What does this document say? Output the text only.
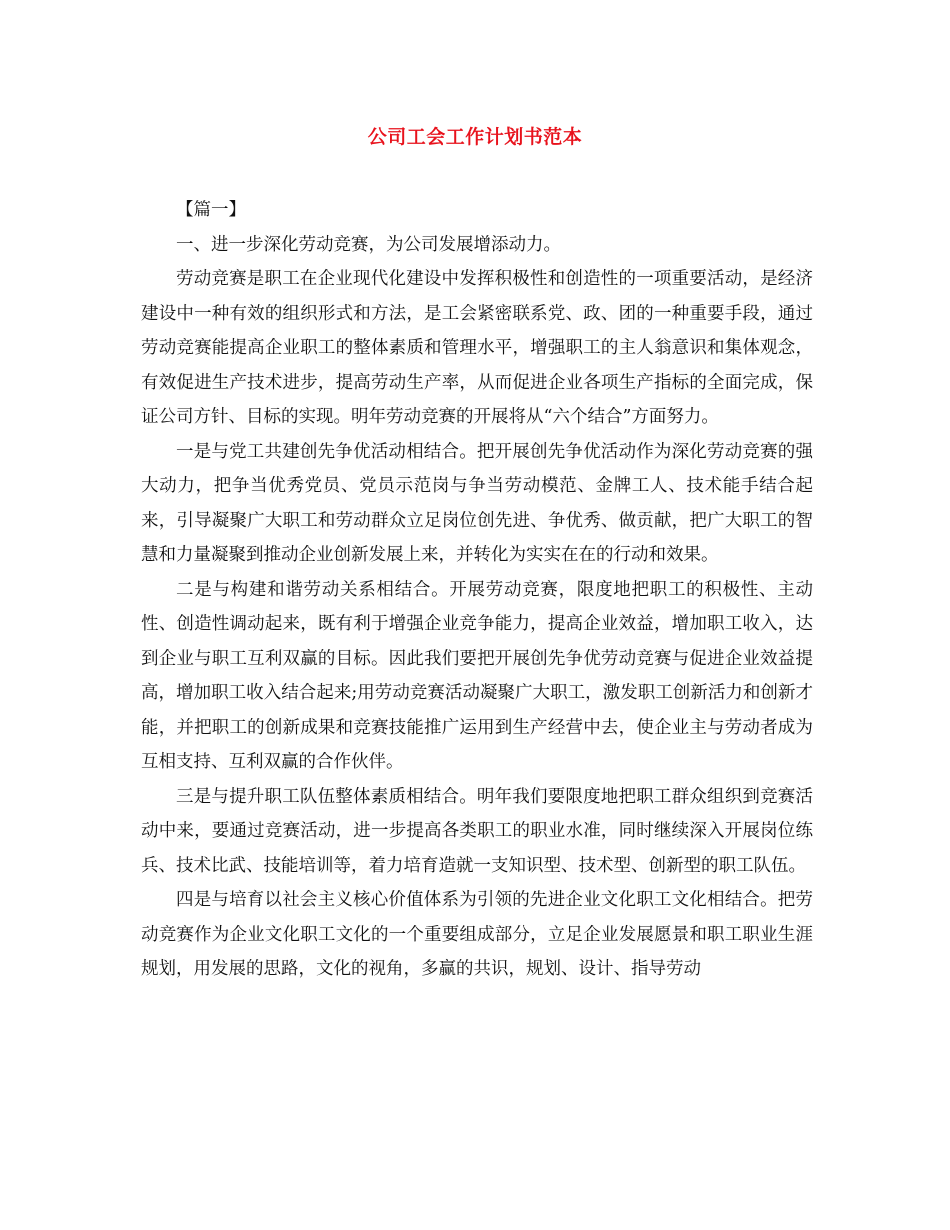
公司工会工作计划书范本

【篇一】

一、进一步深化劳动竞赛，为公司发展增添动力。

劳动竞赛是职工在企业现代化建设中发挥积极性和创造性的一项重要活动，是经济建设中一种有效的组织形式和方法，是工会紧密联系党、政、团的一种重要手段，通过劳动竞赛能提高企业职工的整体素质和管理水平，增强职工的主人翁意识和集体观念，有效促进生产技术进步，提高劳动生产率，从而促进企业各项生产指标的全面完成，保证公司方针、目标的实现。明年劳动竞赛的开展将从“六个结合”方面努力。

一是与党工共建创先争优活动相结合。把开展创先争优活动作为深化劳动竞赛的强大动力，把争当优秀党员、党员示范岗与争当劳动模范、金牌工人、技术能手结合起来，引导凝聚广大职工和劳动群众立足岗位创先进、争优秀、做贡献，把广大职工的智慧和力量凝聚到推动企业创新发展上来，并转化为实实在在的行动和效果。

二是与构建和谐劳动关系相结合。开展劳动竞赛，限度地把职工的积极性、主动性、创造性调动起来，既有利于增强企业竞争能力，提高企业效益，增加职工收入，达到企业与职工互利双赢的目标。因此我们要把开展创先争优劳动竞赛与促进企业效益提高，增加职工收入结合起来;用劳动竞赛活动凝聚广大职工，激发职工创新活力和创新才能，并把职工的创新成果和竞赛技能推广运用到生产经营中去，使企业主与劳动者成为互相支持、互利双赢的合作伙伴。

三是与提升职工队伍整体素质相结合。明年我们要限度地把职工群众组织到竞赛活动中来，要通过竞赛活动，进一步提高各类职工的职业水准，同时继续深入开展岗位练兵、技术比武、技能培训等，着力培育造就一支知识型、技术型、创新型的职工队伍。

四是与培育以社会主义核心价值体系为引领的先进企业文化职工文化相结合。把劳动竞赛作为企业文化职工文化的一个重要组成部分，立足企业发展愿景和职工职业生涯规划，用发展的思路，文化的视角，多赢的共识，规划、设计、指导劳动
